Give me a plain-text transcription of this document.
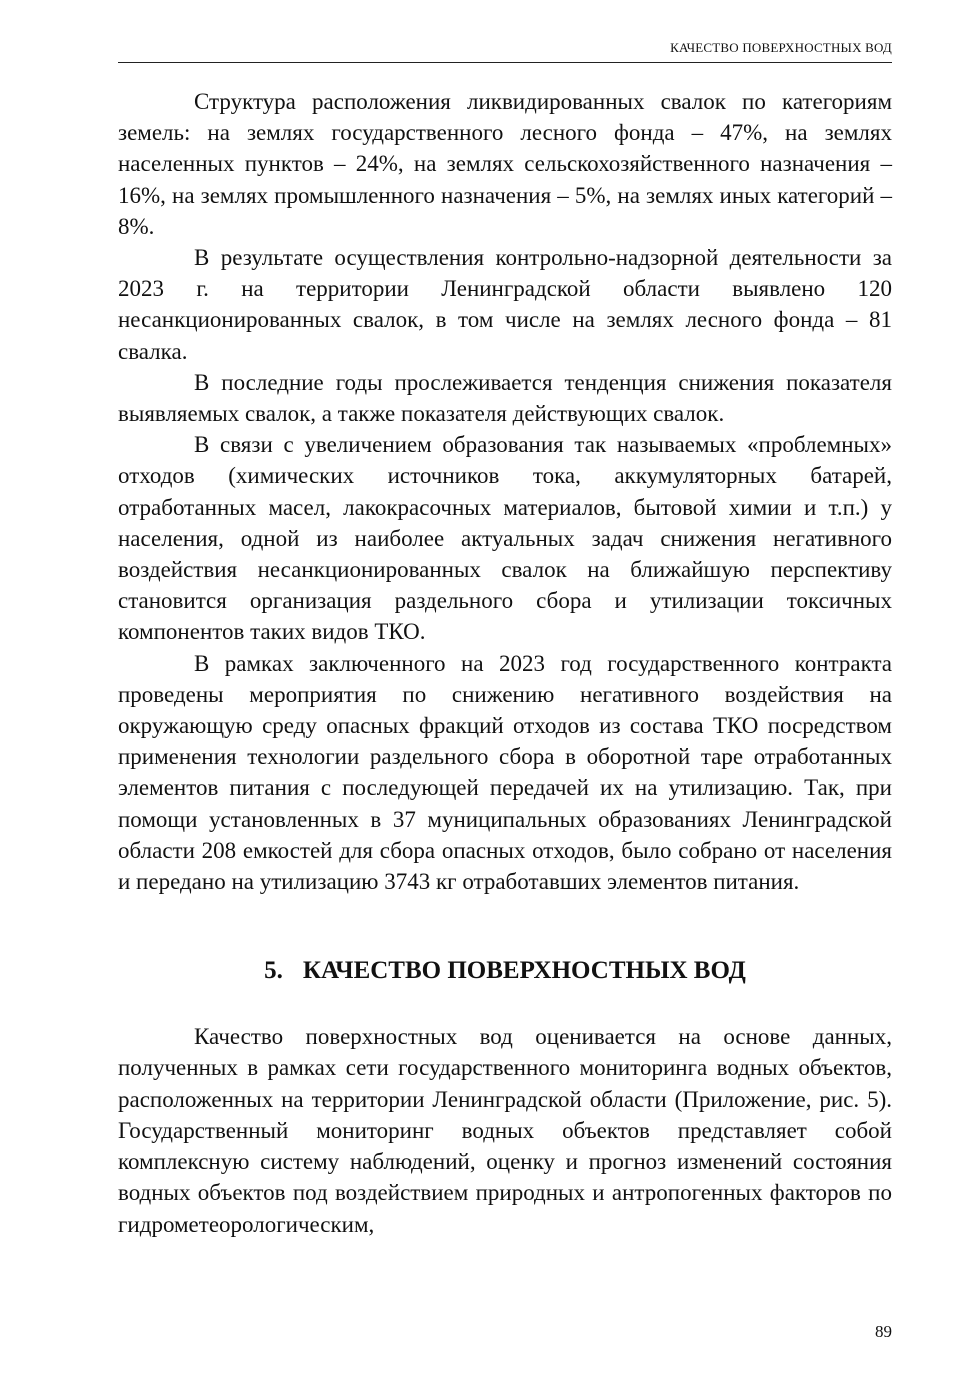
КАЧЕСТВО ПОВЕРХНОСТНЫХ ВОД

Структура расположения ликвидированных свалок по категориям земель: на землях государственного лесного фонда – 47%, на землях населенных пунктов – 24%, на землях сельскохозяйственного назначения – 16%, на землях промышленного назначения – 5%, на землях иных категорий – 8%.

В результате осуществления контрольно-надзорной деятельности за 2023 г. на территории Ленинградской области выявлено 120 несанкционированных свалок, в том числе на землях лесного фонда – 81 свалка.

В последние годы прослеживается тенденция снижения показателя выявляемых свалок, а также показателя действующих свалок.

В связи с увеличением образования так называемых «проблемных» отходов (химических источников тока, аккумуляторных батарей, отработанных масел, лакокрасочных материалов, бытовой химии и т.п.) у населения, одной из наиболее актуальных задач снижения негативного воздействия несанкционированных свалок на ближайшую перспективу становится организация раздельного сбора и утилизации токсичных компонентов таких видов ТКО.

В рамках заключенного на 2023 год государственного контракта проведены мероприятия по снижению негативного воздействия на окружающую среду опасных фракций отходов из состава ТКО посредством применения технологии раздельного сбора в оборотной таре отработанных элементов питания с последующей передачей их на утилизацию. Так, при помощи установленных в 37 муниципальных образованиях Ленинградской области 208 емкостей для сбора опасных отходов, было собрано от населения и передано на утилизацию 3743 кг отработавших элементов питания.

5. КАЧЕСТВО ПОВЕРХНОСТНЫХ ВОД

Качество поверхностных вод оценивается на основе данных, полученных в рамках сети государственного мониторинга водных объектов, расположенных на территории Ленинградской области (Приложение, рис. 5). Государственный мониторинг водных объектов представляет собой комплексную систему наблюдений, оценку и прогноз изменений состояния водных объектов под воздействием природных и антропогенных факторов по гидрометеорологическим,

89
